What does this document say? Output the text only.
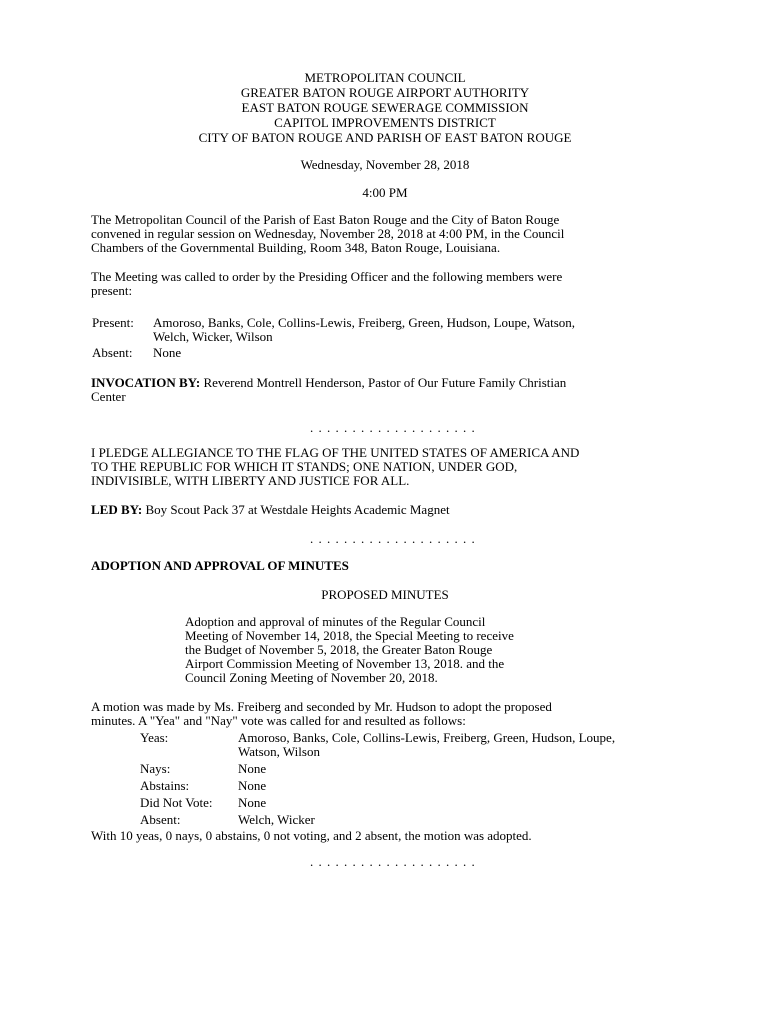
METROPOLITAN COUNCIL
GREATER BATON ROUGE AIRPORT AUTHORITY
EAST BATON ROUGE SEWERAGE COMMISSION
CAPITOL IMPROVEMENTS DISTRICT
CITY OF BATON ROUGE AND PARISH OF EAST BATON ROUGE
Wednesday, November 28, 2018
4:00 PM
The Metropolitan Council of the Parish of East Baton Rouge and the City of Baton Rouge
convened in regular session on Wednesday, November 28, 2018 at 4:00 PM, in the Council
Chambers of the Governmental Building, Room 348, Baton Rouge, Louisiana.
The Meeting was called to order by the Presiding Officer and the following members were
present:
Present: Amoroso, Banks, Cole, Collins-Lewis, Freiberg, Green, Hudson, Loupe, Watson,
Welch, Wicker, Wilson
Absent: None
INVOCATION BY: Reverend Montrell Henderson, Pastor of Our Future Family Christian
Center
. . . . . . . . . . . . . . . . . . . .
I PLEDGE ALLEGIANCE TO THE FLAG OF THE UNITED STATES OF AMERICA AND
TO THE REPUBLIC FOR WHICH IT STANDS; ONE NATION, UNDER GOD,
INDIVISIBLE, WITH LIBERTY AND JUSTICE FOR ALL.
LED BY: Boy Scout Pack 37 at Westdale Heights Academic Magnet
. . . . . . . . . . . . . . . . . . . .
ADOPTION AND APPROVAL OF MINUTES
PROPOSED MINUTES
Adoption and approval of minutes of the Regular Council
Meeting of November 14, 2018, the Special Meeting to receive
the Budget of November 5, 2018, the Greater Baton Rouge
Airport Commission Meeting of November 13, 2018. and the
Council Zoning Meeting of November 20, 2018.
A motion was made by Ms. Freiberg and seconded by Mr. Hudson to adopt the proposed
minutes. A "Yea" and "Nay" vote was called for and resulted as follows:
Yeas:	Amoroso, Banks, Cole, Collins-Lewis, Freiberg, Green, Hudson, Loupe,
Watson, Wilson
Nays:	None
Abstains:	None
Did Not Vote: None
Absent:	Welch, Wicker
With 10 yeas, 0 nays, 0 abstains, 0 not voting, and 2 absent, the motion was adopted.
. . . . . . . . . . . . . . . . . . . .
